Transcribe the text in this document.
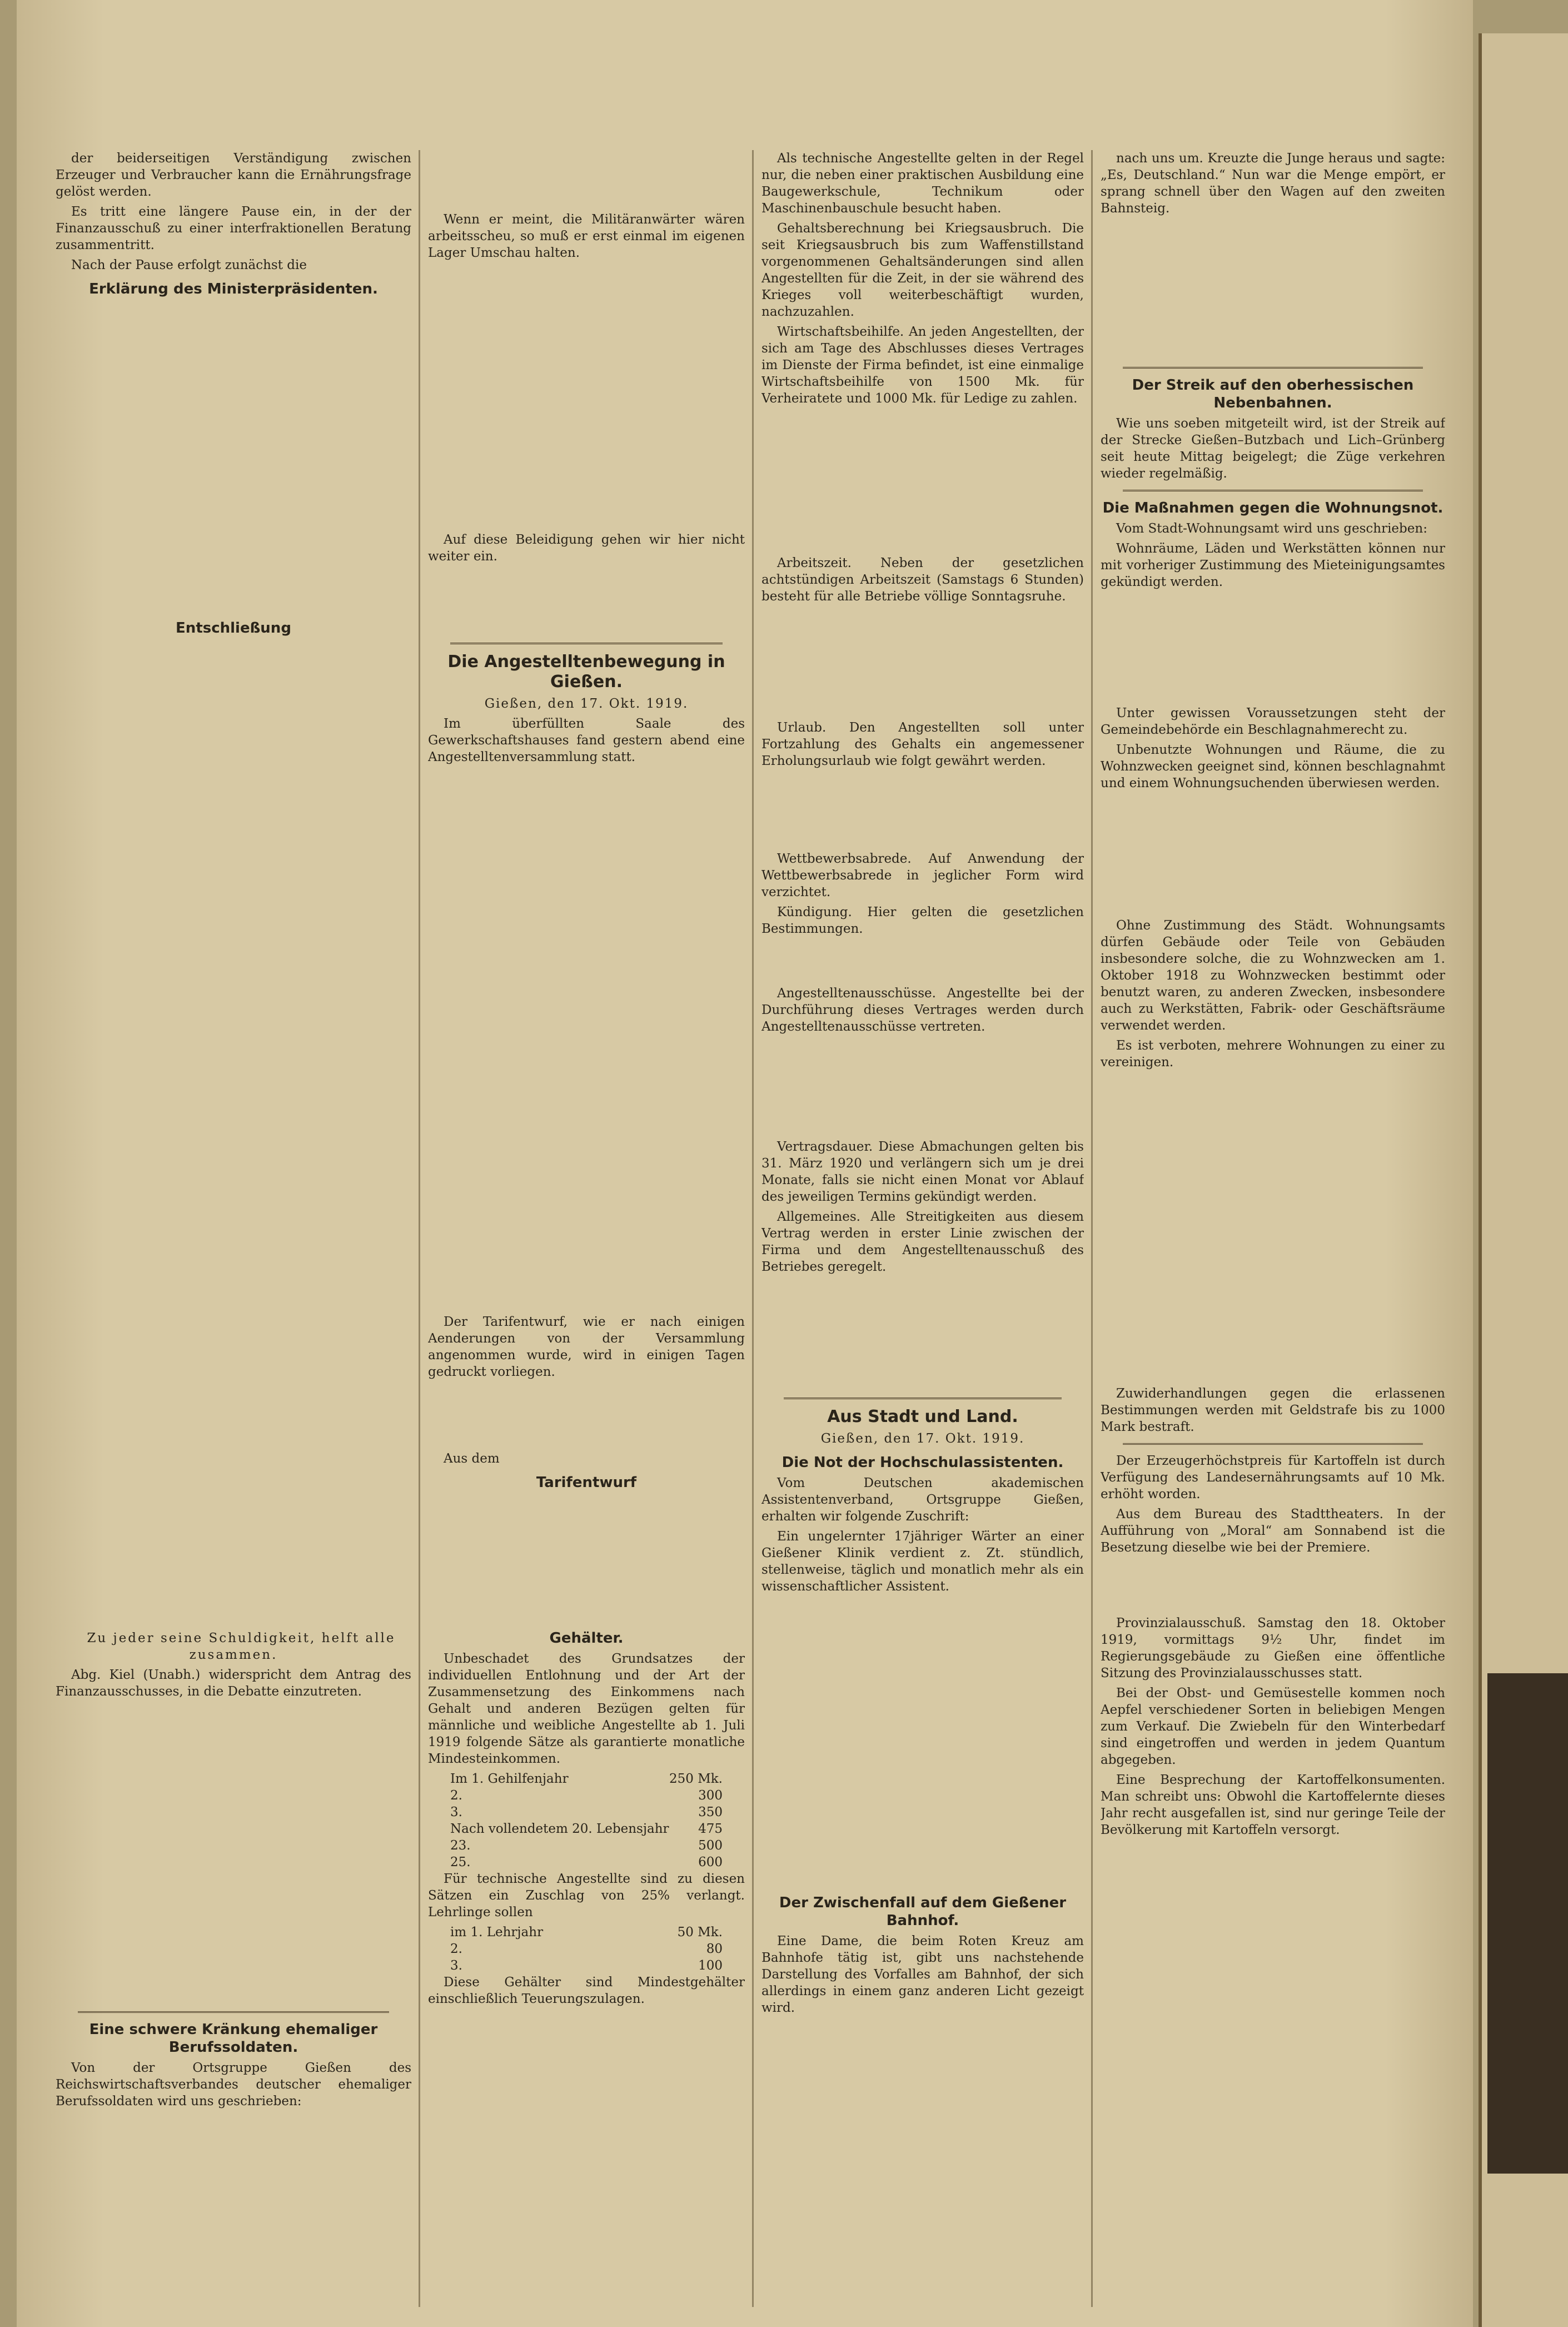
der beiderseitigen Verständigung zwischen Erzeuger und Verbraucher kann die Ernährungsfrage gelöst werden.

Es tritt eine längere Pause ein, in der der Finanzausschuß zu einer interfraktionellen Beratung zusammentritt.

Nach der Pause erfolgt zunächst die

Erklärung des Ministerpräsidenten.
Entschließung

Zu jeder seine Schuldigkeit, helft alle zusammen.

Abg. Kiel (Unabh.) widerspricht dem Antrag des Finanzausschusses, in die Debatte einzutreten.

Eine schwere Kränkung ehemaliger Berufssoldaten.

Von der Ortsgruppe Gießen des Reichswirtschaftsverbandes deutscher ehemaliger Berufssoldaten wird uns geschrieben:

Wenn er meint, die Militäranwärter wären arbeitsscheu, so muß er erst einmal im eigenen Lager Umschau halten.

Auf diese Beleidigung gehen wir hier nicht weiter ein.

Die Angestelltenbewegung in Gießen.
Gießen, den 17. Okt. 1919.

Im überfüllten Saale des Gewerkschaftshauses fand gestern abend eine Angestelltenversammlung statt.

Der Tarifentwurf, wie er nach einigen Aenderungen von der Versammlung angenommen wurde, wird in einigen Tagen gedruckt vorliegen.

Aus dem

Tarifentwurf
Gehälter.

Unbeschadet des Grundsatzes der individuellen Entlohnung und der Art der Zusammensetzung des Einkommens nach Gehalt und anderen Bezügen gelten für männliche und weibliche Angestellte ab 1. Juli 1919 folgende Sätze als garantierte monatliche Mindesteinkommen.

Im 1. Gehilfenjahr	250 Mk.
2.	300
3.	350
Nach vollendetem 20. Lebensjahr 475
23.	500
25.	600

Für technische Angestellte sind zu diesen Sätzen ein Zuschlag von 25% verlangt. Lehrlinge sollen

im 1. Lehrjahr	50 Mk.
2.	80
3.	100

Diese Gehälter sind Mindestgehälter einschließlich Teuerungszulagen.

Als technische Angestellte gelten in der Regel nur, die neben einer praktischen Ausbildung eine Baugewerkschule, Technikum oder Maschinenbauschule besucht haben.

Gehaltsberechnung bei Kriegsausbruch. Die seit Kriegsausbruch bis zum Waffenstillstand vorgenommenen Gehaltsänderungen sind allen Angestellten für die Zeit, in der sie während des Krieges voll weiterbeschäftigt wurden, nachzuzahlen.

Wirtschaftsbeihilfe. An jeden Angestellten, der sich am Tage des Abschlusses dieses Vertrages im Dienste der Firma befindet, ist eine einmalige Wirtschaftsbeihilfe von 1500 Mk. für Verheiratete und 1000 Mk. für Ledige zu zahlen.

Arbeitszeit. Neben der gesetzlichen achtstündigen Arbeitszeit (Samstags 6 Stunden) besteht für alle Betriebe völlige Sonntagsruhe.

Urlaub. Den Angestellten soll unter Fortzahlung des Gehalts ein angemessener Erholungsurlaub wie folgt gewährt werden.

Wettbewerbsabrede. Auf Anwendung der Wettbewerbsabrede in jeglicher Form wird verzichtet.

Kündigung. Hier gelten die gesetzlichen Bestimmungen.

Angestelltenausschüsse. Angestellte bei der Durchführung dieses Vertrages werden durch Angestelltenausschüsse vertreten.

Vertragsdauer. Diese Abmachungen gelten bis 31. März 1920 und verlängern sich um je drei Monate, falls sie nicht einen Monat vor Ablauf des jeweiligen Termins gekündigt werden.

Allgemeines. Alle Streitigkeiten aus diesem Vertrag werden in erster Linie zwischen der Firma und dem Angestelltenausschuß des Betriebes geregelt.

Aus Stadt und Land.
Gießen, den 17. Okt. 1919.
Die Not der Hochschulassistenten.

Vom Deutschen akademischen Assistentenverband, Ortsgruppe Gießen, erhalten wir folgende Zuschrift:

Ein ungelernter 17jähriger Wärter an einer Gießener Klinik verdient z. Zt. stündlich, stellenweise, täglich und monatlich mehr als ein wissenschaftlicher Assistent.

Der Zwischenfall auf dem Gießener Bahnhof.

Eine Dame, die beim Roten Kreuz am Bahnhofe tätig ist, gibt uns nachstehende Darstellung des Vorfalles am Bahnhof, der sich allerdings in einem ganz anderen Licht gezeigt wird.

nach uns um. Kreuzte die Junge heraus und sagte: „Es, Deutschland.“ Nun war die Menge empört, er sprang schnell über den Wagen auf den zweiten Bahnsteig.

Der Streik auf den oberhessischen Nebenbahnen.

Wie uns soeben mitgeteilt wird, ist der Streik auf der Strecke Gießen–Butzbach und Lich–Grünberg seit heute Mittag beigelegt; die Züge verkehren wieder regelmäßig.

Die Maßnahmen gegen die Wohnungsnot.

Vom Stadt-Wohnungsamt wird uns geschrieben:

Wohnräume, Läden und Werkstätten können nur mit vorheriger Zustimmung des Mieteinigungsamtes gekündigt werden.

Unter gewissen Voraussetzungen steht der Gemeindebehörde ein Beschlagnahmerecht zu.

Unbenutzte Wohnungen und Räume, die zu Wohnzwecken geeignet sind, können beschlagnahmt und einem Wohnungsuchenden überwiesen werden.

Ohne Zustimmung des Städt. Wohnungsamts dürfen Gebäude oder Teile von Gebäuden insbesondere solche, die zu Wohnzwecken am 1. Oktober 1918 zu Wohnzwecken bestimmt oder benutzt waren, zu anderen Zwecken, insbesondere auch zu Werkstätten, Fabrik- oder Geschäftsräume verwendet werden.

Es ist verboten, mehrere Wohnungen zu einer zu vereinigen.

Zuwiderhandlungen gegen die erlassenen Bestimmungen werden mit Geldstrafe bis zu 1000 Mark bestraft.

Der Erzeugerhöchstpreis für Kartoffeln ist durch Verfügung des Landesernährungsamts auf 10 Mk. erhöht worden.

Aus dem Bureau des Stadttheaters. In der Aufführung von „Moral“ am Sonnabend ist die Besetzung dieselbe wie bei der Premiere.

Provinzialausschuß. Samstag den 18. Oktober 1919, vormittags 9½ Uhr, findet im Regierungsgebäude zu Gießen eine öffentliche Sitzung des Provinzialausschusses statt.

Bei der Obst- und Gemüsestelle kommen noch Aepfel verschiedener Sorten in beliebigen Mengen zum Verkauf. Die Zwiebeln für den Winterbedarf sind eingetroffen und werden in jedem Quantum abgegeben.

Eine Besprechung der Kartoffelkonsumenten. Man schreibt uns: Obwohl die Kartoffelernte dieses Jahr recht ausgefallen ist, sind nur geringe Teile der Bevölkerung mit Kartoffeln versorgt.
